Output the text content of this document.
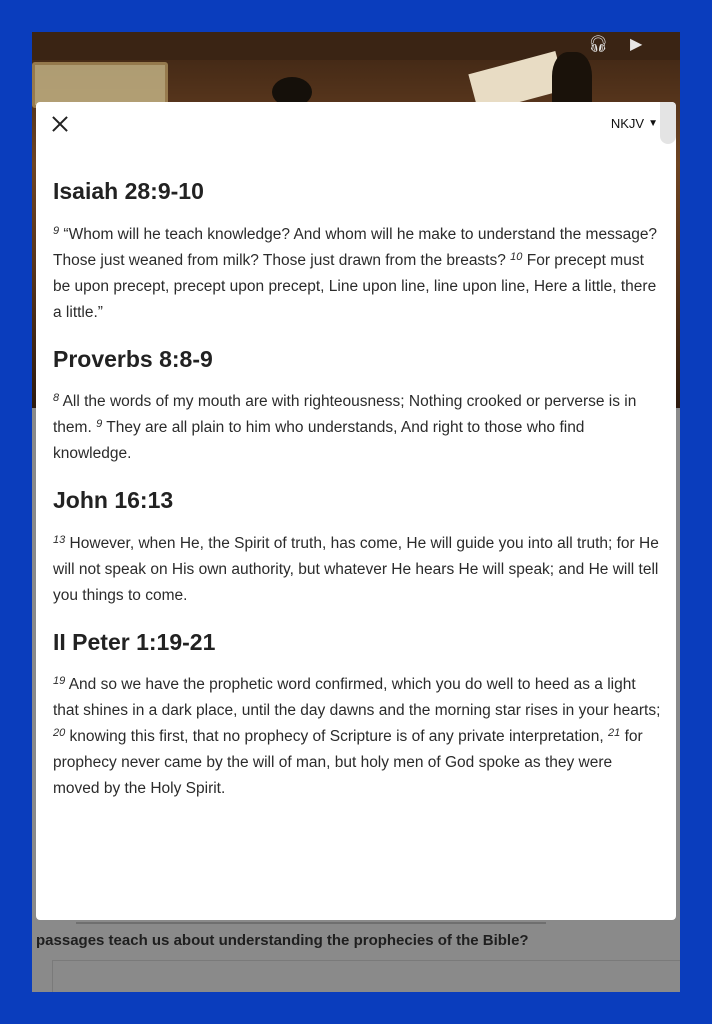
🎧︎ ▶︎
passages teach us about understanding the prophecies of the Bible?
NKJV ▼
Isaiah 28:9-10

$^9$ “Whom will he teach knowledge? And whom will he make to understand the message? Those just weaned from milk? Those just drawn from the breasts? $^{10}$ For precept must be upon precept, precept upon precept, Line upon line, line upon line, Here a little, there a little.”

Proverbs 8:8-9

$^8$ All the words of my mouth are with righteousness; Nothing crooked or perverse is in them. $^9$ They are all plain to him who understands, And right to those who find knowledge.

John 16:13

$^{13}$ However, when He, the Spirit of truth, has come, He will guide you into all truth; for He will not speak on His own authority, but whatever He hears He will speak; and He will tell you things to come.

II Peter 1:19-21

$^{19}$ And so we have the prophetic word confirmed, which you do well to heed as a light that shines in a dark place, until the day dawns and the morning star rises in your hearts; $^{20}$ knowing this first, that no prophecy of Scripture is of any private interpretation, $^{21}$ for prophecy never came by the will of man, but holy men of God spoke as they were moved by the Holy Spirit.
